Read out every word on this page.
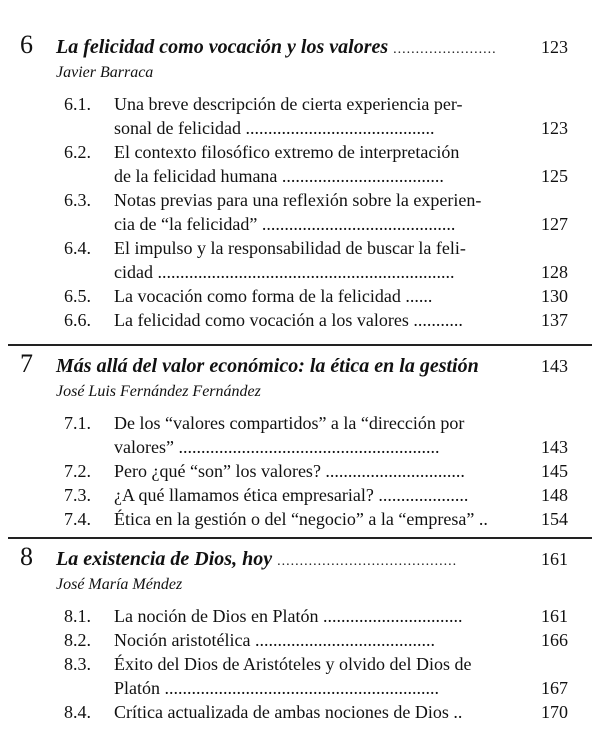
6 La felicidad como vocación y los valores ....................... 123
Javier Barraca
6.1.	Una breve descripción de cierta experiencia per-
sonal de felicidad ..........................................	123
6.2.	El contexto filosófico extremo de interpretación
de la felicidad humana ....................................	125
6.3.	Notas previas para una reflexión sobre la experien-
cia de “la felicidad” ...........................................	127
6.4.	El impulso y la responsabilidad de buscar la feli-
cidad ..................................................................	128
6.5.	La vocación como forma de la felicidad ......	130
6.6.	La felicidad como vocación a los valores ...........	137
7 Más allá del valor económico: la ética en la gestión	143
José Luis Fernández Fernández
7.1.	De los “valores compartidos” a la “dirección por
valores” ..........................................................	143
7.2.	Pero ¿qué “son” los valores? ...............................	145
7.3.	¿A qué llamamos ética empresarial? ....................	148
7.4.	Ética en la gestión o del “negocio” a la “empresa” ..	154
8 La existencia de Dios, hoy ........................................	161
José María Méndez
8.1.	La noción de Dios en Platón ...............................	161
8.2.	Noción aristotélica ........................................	166
8.3.	Éxito del Dios de Aristóteles y olvido del Dios de
Platón .............................................................	167
8.4.	Crítica actualizada de ambas nociones de Dios ..	170
